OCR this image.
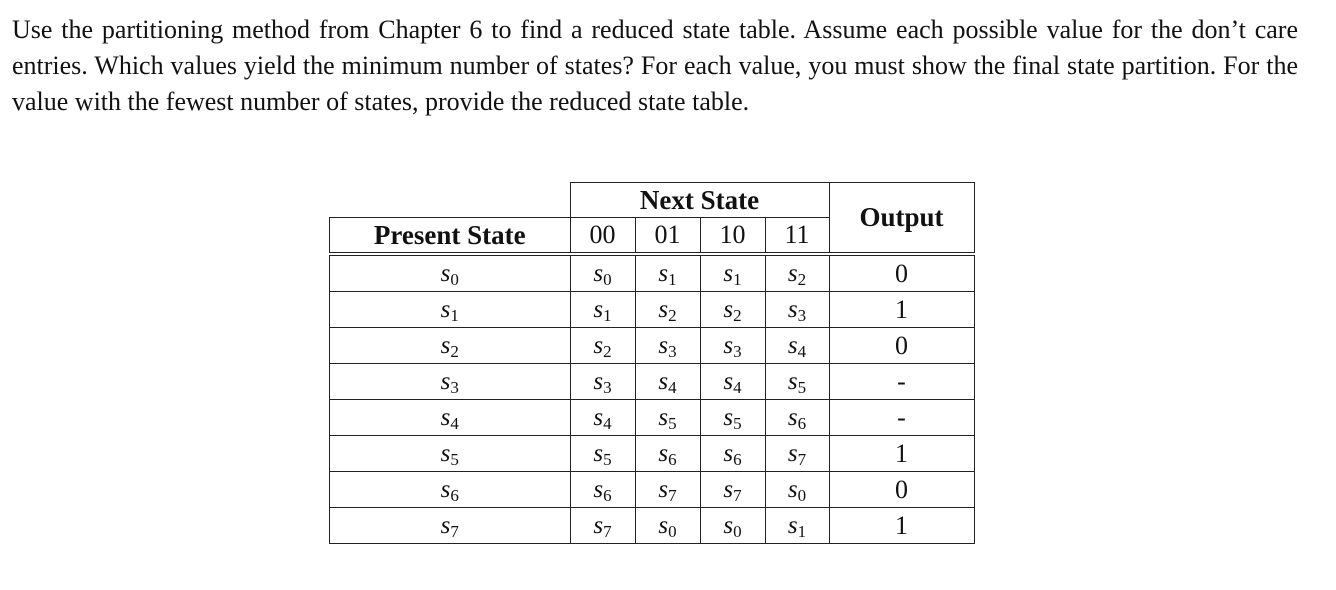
Use the partitioning method from Chapter 6 to find a reduced state table. Assume each possible value for the don’t care entries. Which values yield the minimum number of states? For each value, you must show the final state partition. For the value with the fewest number of states, provide the reduced state table.

	Next State				Output
Present State	00	01	10	11	

$s_0$	$s_0$	$s_1$	$s_1$	$s_2$	0
$s_1$	$s_1$	$s_2$	$s_2$	$s_3$	1
$s_2$	$s_2$	$s_3$	$s_3$	$s_4$	0
$s_3$	$s_3$	$s_4$	$s_4$	$s_5$	-
$s_4$	$s_4$	$s_5$	$s_5$	$s_6$	-
$s_5$	$s_5$	$s_6$	$s_6$	$s_7$	1
$s_6$	$s_6$	$s_7$	$s_7$	$s_0$	0
$s_7$	$s_7$	$s_0$	$s_0$	$s_1$	1
